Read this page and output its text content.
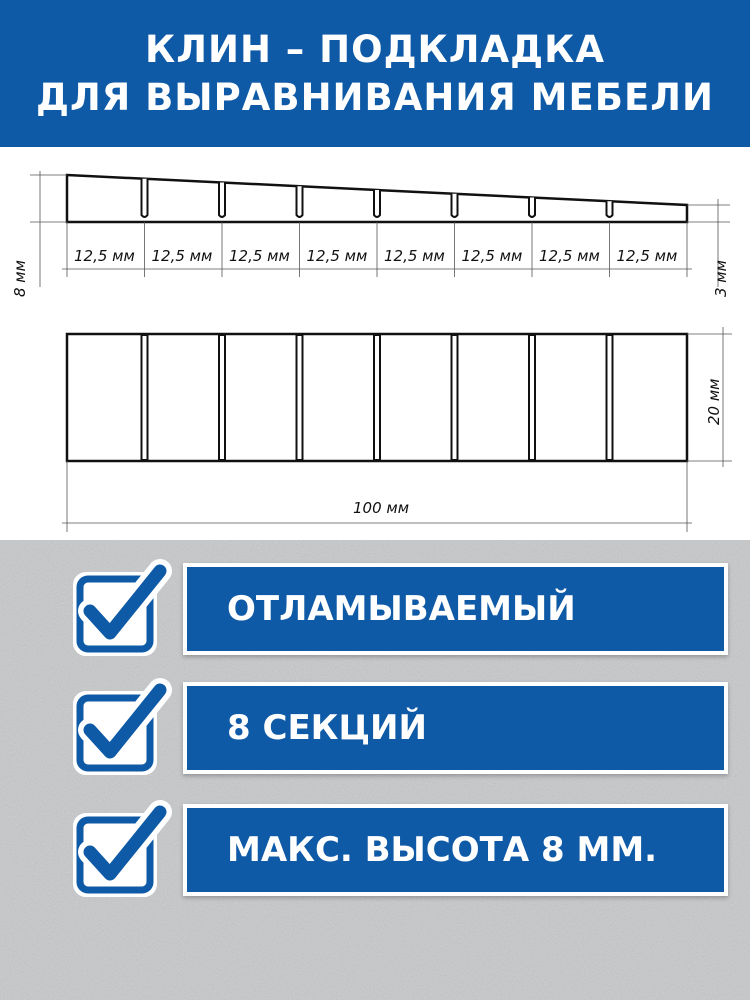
КЛИН – ПОДКЛАДКА
ДЛЯ ВЫРАВНИВАНИЯ МЕБЕЛИ
8 мм	3 мм
12,5 мм 12,5 мм 12,5 мм 12,5 мм 12,5 мм 12,5 мм 12,5 мм 12,5 мм
20 мм
100 мм
ОТЛАМЫВАЕМЫЙ
8 СЕКЦИЙ
МАКС. ВЫСОТА 8 ММ.
